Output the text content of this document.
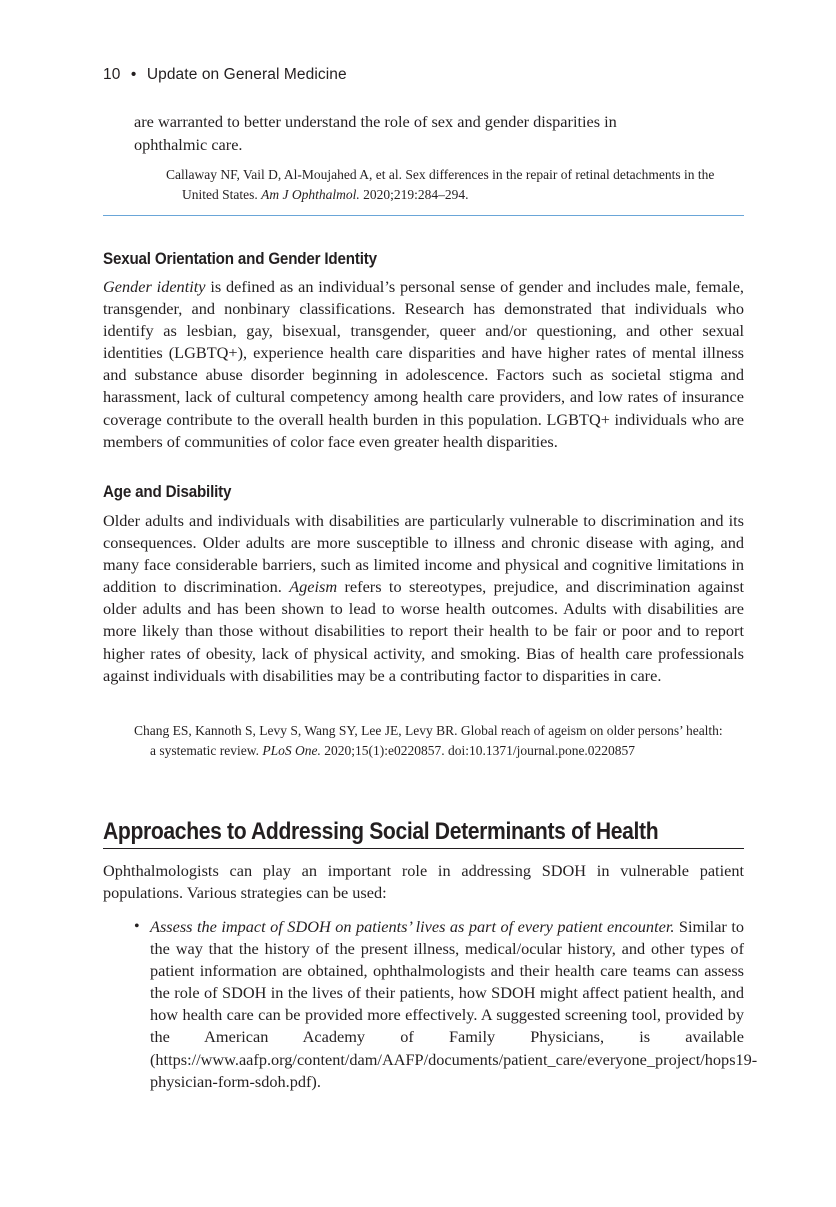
10 • Update on General Medicine

are warranted to better understand the role of sex and gender disparities in ophthalmic care.

Callaway NF, Vail D, Al-Moujahed A, et al. Sex differences in the repair of retinal detachments in the United States. Am J Ophthalmol. 2020;219:284–294.

Sexual Orientation and Gender Identity

Gender identity is defined as an individual’s personal sense of gender and includes male, female, transgender, and nonbinary classifications. Research has demonstrated that individuals who identify as lesbian, gay, bisexual, transgender, queer and/or questioning, and other sexual identities (LGBTQ+), experience health care disparities and have higher rates of mental illness and substance abuse disorder beginning in adolescence. Factors such as societal stigma and harassment, lack of cultural competency among health care providers, and low rates of insurance coverage contribute to the overall health burden in this population. LGBTQ+ individuals who are members of communities of color face even greater health disparities.

Age and Disability

Older adults and individuals with disabilities are particularly vulnerable to discrimination and its consequences. Older adults are more susceptible to illness and chronic disease with aging, and many face considerable barriers, such as limited income and physical and cognitive limitations in addition to discrimination. Ageism refers to stereotypes, prejudice, and discrimination against older adults and has been shown to lead to worse health outcomes. Adults with disabilities are more likely than those without disabilities to report their health to be fair or poor and to report higher rates of obesity, lack of physical activity, and smoking. Bias of health care professionals against individuals with disabilities may be a contributing factor to disparities in care.

Chang ES, Kannoth S, Levy S, Wang SY, Lee JE, Levy BR. Global reach of ageism on older persons’ health: a systematic review. PLoS One. 2020;15(1):e0220857. doi:10.1371/journal.pone.0220857

Approaches to Addressing Social Determinants of Health

Ophthalmologists can play an important role in addressing SDOH in vulnerable patient populations. Various strategies can be used:

• Assess the impact of SDOH on patients’ lives as part of every patient encounter. Similar to the way that the history of the present illness, medical/ocular history, and other types of patient information are obtained, ophthalmologists and their health care teams can assess the role of SDOH in the lives of their patients, how SDOH might affect patient health, and how health care can be provided more effectively. A suggested screening tool, provided by the American Academy of Family Physicians, is available (https://www.aafp.org/content/dam/AAFP/documents/patient_care/everyone_project/hops19-physician-form-sdoh.pdf).
